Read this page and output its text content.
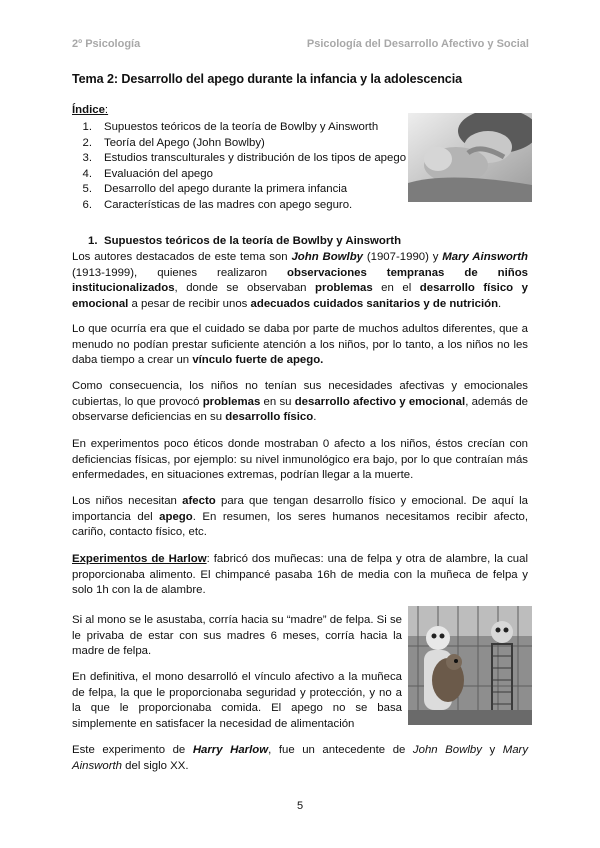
2º Psicología	Psicología del Desarrollo Afectivo y Social
Tema 2: Desarrollo del apego durante la infancia y la adolescencia
Índice:
1. Supuestos teóricos de la teoría de Bowlby y Ainsworth
2. Teoría del Apego (John Bowlby)
3. Estudios transculturales y distribución de los tipos de apego
4. Evaluación del apego
5. Desarrollo del apego durante la primera infancia
6. Características de las madres con apego seguro.
1. Supuestos teóricos de la teoría de Bowlby y Ainsworth
Los autores destacados de este tema son John Bowlby (1907-1990) y Mary Ainsworth (1913-1999), quienes realizaron observaciones tempranas de niños institucionalizados, donde se observaban problemas en el desarrollo físico y emocional a pesar de recibir unos adecuados cuidados sanitarios y de nutrición.
Lo que ocurría era que el cuidado se daba por parte de muchos adultos diferentes, que a menudo no podían prestar suficiente atención a los niños, por lo tanto, a los niños no les daba tiempo a crear un vínculo fuerte de apego.
Como consecuencia, los niños no tenían sus necesidades afectivas y emocionales cubiertas, lo que provocó problemas en su desarrollo afectivo y emocional, además de observarse deficiencias en su desarrollo físico.
En experimentos poco éticos donde mostraban 0 afecto a los niños, éstos crecían con deficiencias físicas, por ejemplo: su nivel inmunológico era bajo, por lo que contraían más enfermedades, en situaciones extremas, podrían llegar a la muerte.
Los niños necesitan afecto para que tengan desarrollo físico y emocional. De aquí la importancia del apego. En resumen, los seres humanos necesitamos recibir afecto, cariño, contacto físico, etc.
Experimentos de Harlow: fabricó dos muñecas: una de felpa y otra de alambre, la cual proporcionaba alimento. El chimpancé pasaba 16h de media con la muñeca de felpa y solo 1h con la de alambre.
Si al mono se le asustaba, corría hacia su “madre” de felpa. Si se le privaba de estar con sus madres 6 meses, corría hacia la madre de felpa.
En definitiva, el mono desarrolló el vínculo afectivo a la muñeca de felpa, la que le proporcionaba seguridad y protección, y no a la que le proporcionaba comida. El apego no se basa simplemente en satisfacer la necesidad de alimentación
Este experimento de Harry Harlow, fue un antecedente de John Bowlby y Mary Ainsworth del siglo XX.
5
